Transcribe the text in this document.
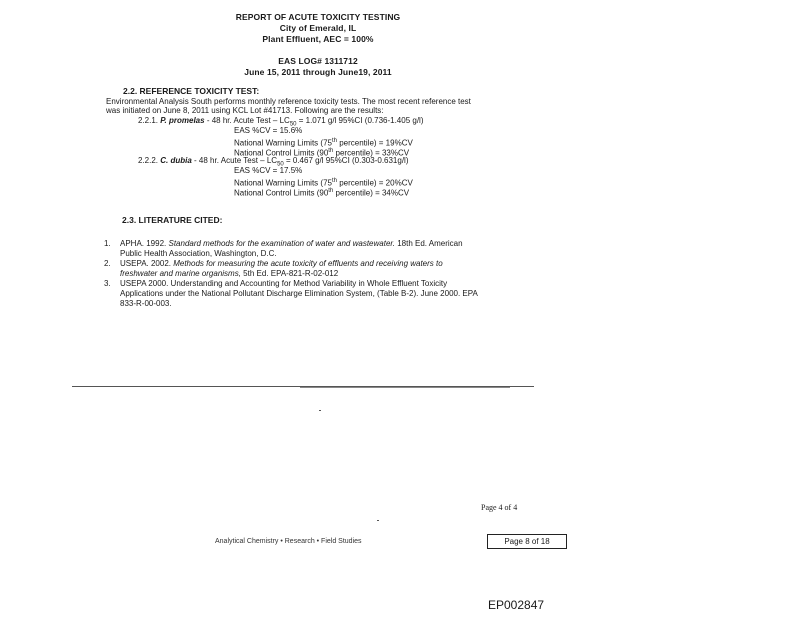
REPORT OF ACUTE TOXICITY TESTING
City of Emerald, IL
Plant Effluent, AEC = 100%
EAS LOG# 1311712
June 15, 2011 through June19, 2011
2.2. REFERENCE TOXICITY TEST:
Environmental Analysis South performs monthly reference toxicity tests. The most recent reference test
was initiated on June 8, 2011 using KCL Lot #41713. Following are the results:
2.2.1. P. promelas - 48 hr. Acute Test – $LC_{50} = 1.071$ g/l 95%CI (0.736-1.405 g/l)
EAS %CV = 15.6%
National Warning Limits (75th percentile) = 19%CV
National Control Limits (90th percentile) = 33%CV
2.2.2. C. dubia - 48 hr. Acute Test – $LC_{50} = 0.467$ g/l 95%CI (0.303-0.631g/l)
EAS %CV = 17.5%
National Warning Limits (75th percentile) = 20%CV
National Control Limits (90th percentile) = 34%CV
2.3. LITERATURE CITED:
1. APHA. 1992. Standard methods for the examination of water and wastewater. 18th Ed. American
Public Health Association, Washington, D.C.
2. USEPA. 2002. Methods for measuring the acute toxicity of effluents and receiving waters to
freshwater and marine organisms, 5th Ed. EPA-821-R-02-012
3. USEPA 2000. Understanding and Accounting for Method Variability in Whole Effluent Toxicity
Applications under the National Pollutant Discharge Elimination System, (Table B-2). June 2000. EPA
833-R-00-003.
Page 4 of 4
Analytical Chemistry • Research • Field Studies	Page 8 of 18
EP002847
